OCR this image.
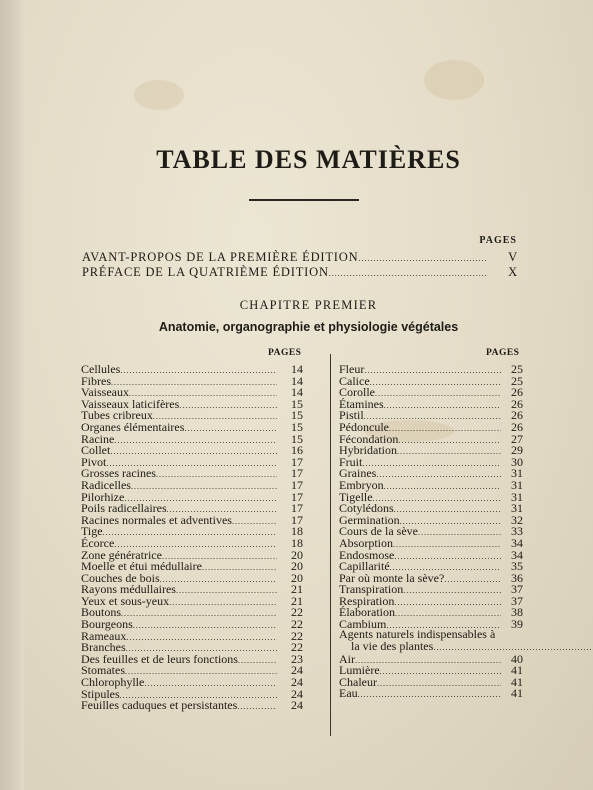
TABLE DES MATIÈRES
PAGES
AVANT-PROPOS DE LA PREMIÈRE ÉDITION . . .	V
PRÉFACE DE LA QUATRIÈME ÉDITION . . .	X
CHAPITRE PREMIER
Anatomie, organographie et physiologie végétales
PAGES	PAGES
Cellules . . .	14
Fibres . . .	14
Vaisseaux . . .	14
Vaisseaux laticifères . . .	15
Tubes cribreux . . .	15
Organes élémentaires . . .	15
Racine . . .	15
Collet . . .	16
Pivot . . .	17
Grosses racines . . .	17
Radicelles . . .	17
Pilorhize . . .	17
Poils radicellaires . . .	17
Racines normales et adventives . . .	17
Tige . . .	18
Écorce . . .	18
Zone génératrice . . .	20
Moelle et étui médullaire . . .	20
Couches de bois . . .	20
Rayons médullaires . . .	21
Yeux et sous-yeux . . .	21
Boutons . . .	22
Bourgeons . . .	22
Rameaux . . .	22
Branches . . .	22
Des feuilles et de leurs fonctions . . .	23
Stomates . . .	24
Chlorophylle . . .	24
Stipules . . .	24
Feuilles caduques et persistantes . . .	24
Fleur . . .	25
Calice . . .	25
Corolle . . .	26
Étamines . . .	26
Pistil . . .	26
Pédoncule . . .	26
Fécondation . . .	27
Hybridation . . .	29
Fruit . . .	30
Graines . . .	31
Embryon . . .	31
Tigelle . . .	31
Cotylédons . . .	31
Germination . . .	32
Cours de la sève . . .	33
Absorption . . .	34
Endosmose . . .	34
Capillarité . . .	35
Par où monte la sève? . . .	36
Transpiration . . .	37
Respiration . . .	37
Élaboration . . .	38
Cambium . . .	39
Agents naturels indispensables à
la vie des plantes
. . .
Air . . .	40
Lumière . . .	41
Chaleur . . .	41
Eau . . .	41
